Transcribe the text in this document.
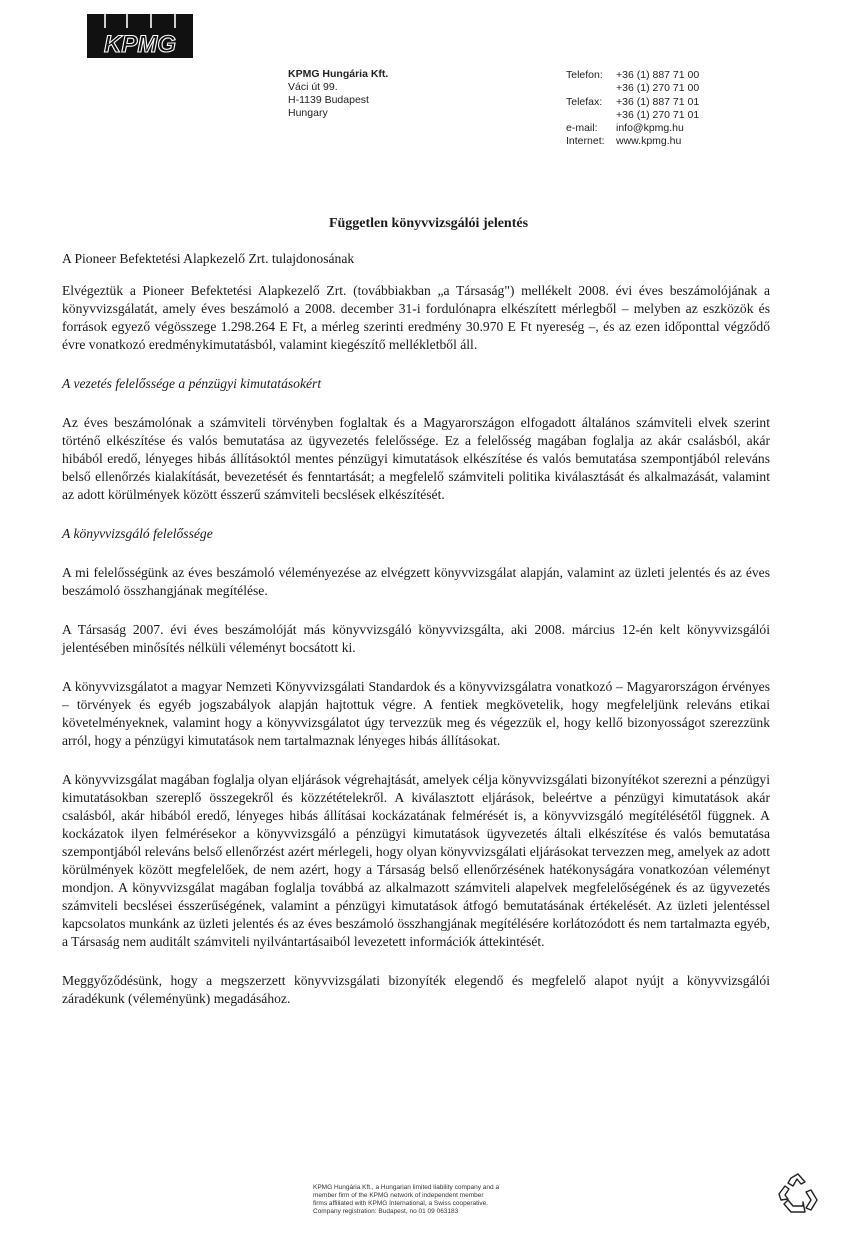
KPMG
KPMG Hungária Kft.
Váci út 99.
H-1139 Budapest
Hungary
Telefon:	+36 (1) 887 71 00
+36 (1) 270 71 00
Telefax:	+36 (1) 887 71 01
+36 (1) 270 71 01
e-mail:	info@kpmg.hu
Internet:	www.kpmg.hu
Független könyvvizsgálói jelentés

A Pioneer Befektetési Alapkezelő Zrt. tulajdonosának

Elvégeztük a Pioneer Befektetési Alapkezelő Zrt. (továbbiakban „a Társaság") mellékelt 2008. évi éves beszámolójának a könyvvizsgálatát, amely éves beszámoló a 2008. december 31-i fordulónapra elkészített mérlegből – melyben az eszközök és források egyező végösszege 1.298.264 E Ft, a mérleg szerinti eredmény 30.970 E Ft nyereség –, és az ezen időponttal végződő évre vonatkozó eredménykimutatásból, valamint kiegészítő mellékletből áll.

A vezetés felelőssége a pénzügyi kimutatásokért

Az éves beszámolónak a számviteli törvényben foglaltak és a Magyarországon elfogadott általános számviteli elvek szerint történő elkészítése és valós bemutatása az ügyvezetés felelőssége. Ez a felelősség magában foglalja az akár csalásból, akár hibából eredő, lényeges hibás állításoktól mentes pénzügyi kimutatások elkészítése és valós bemutatása szempontjából releváns belső ellenőrzés kialakítását, bevezetését és fenntartását; a megfelelő számviteli politika kiválasztását és alkalmazását, valamint az adott körülmények között ésszerű számviteli becslések elkészítését.

A könyvvizsgáló felelőssége

A mi felelősségünk az éves beszámoló véleményezése az elvégzett könyvvizsgálat alapján, valamint az üzleti jelentés és az éves beszámoló összhangjának megítélése.

A Társaság 2007. évi éves beszámolóját más könyvvizsgáló könyvvizsgálta, aki 2008. március 12-én kelt könyvvizsgálói jelentésében minősítés nélküli véleményt bocsátott ki.

A könyvvizsgálatot a magyar Nemzeti Könyvvizsgálati Standardok és a könyvvizsgálatra vonatkozó – Magyarországon érvényes – törvények és egyéb jogszabályok alapján hajtottuk végre. A fentiek megkövetelik, hogy megfeleljünk releváns etikai követelményeknek, valamint hogy a könyvvizsgálatot úgy tervezzük meg és végezzük el, hogy kellő bizonyosságot szerezzünk arról, hogy a pénzügyi kimutatások nem tartalmaznak lényeges hibás állításokat.

A könyvvizsgálat magában foglalja olyan eljárások végrehajtását, amelyek célja könyvvizsgálati bizonyítékot szerezni a pénzügyi kimutatásokban szereplő összegekről és közzétételekről. A kiválasztott eljárások, beleértve a pénzügyi kimutatások akár csalásból, akár hibából eredő, lényeges hibás állításai kockázatának felmérését is, a könyvvizsgáló megítélésétől függnek. A kockázatok ilyen felmérésekor a könyvvizsgáló a pénzügyi kimutatások ügyvezetés általi elkészítése és valós bemutatása szempontjából releváns belső ellenőrzést azért mérlegeli, hogy olyan könyvvizsgálati eljárásokat tervezzen meg, amelyek az adott körülmények között megfelelőek, de nem azért, hogy a Társaság belső ellenőrzésének hatékonyságára vonatkozóan véleményt mondjon. A könyvvizsgálat magában foglalja továbbá az alkalmazott számviteli alapelvek megfelelőségének és az ügyvezetés számviteli becslései ésszerűségének, valamint a pénzügyi kimutatások átfogó bemutatásának értékelését. Az üzleti jelentéssel kapcsolatos munkánk az üzleti jelentés és az éves beszámoló összhangjának megítélésére korlátozódott és nem tartalmazta egyéb, a Társaság nem auditált számviteli nyilvántartásaiból levezetett információk áttekintését.

Meggyőződésünk, hogy a megszerzett könyvvizsgálati bizonyíték elegendő és megfelelő alapot nyújt a könyvvizsgálói záradékunk (véleményünk) megadásához.

KPMG Hungária Kft., a Hungarian limited liability company and a
member firm of the KPMG network of independent member
firms affiliated with KPMG International, a Swiss cooperative.
Company registration: Budapest, no 01 09 063183
